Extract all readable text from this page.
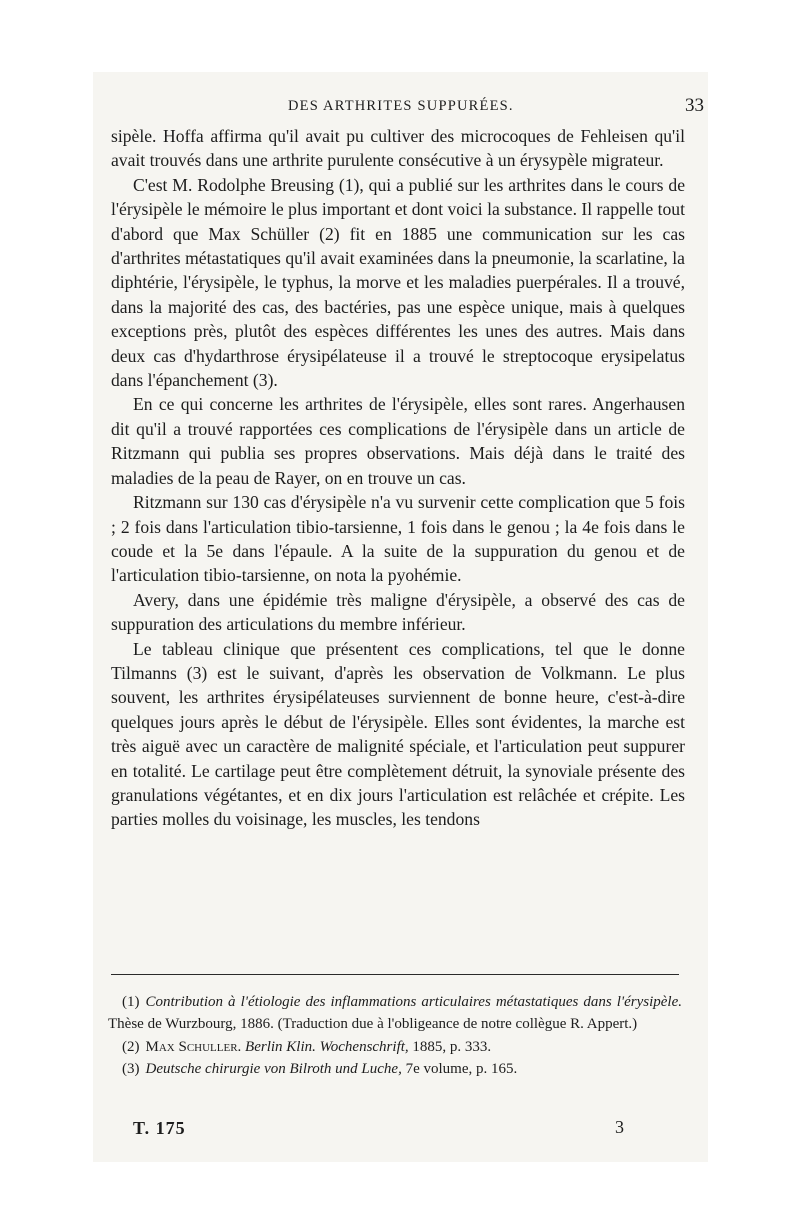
DES ARTHRITES SUPPURÉES.	33

sipèle. Hoffa affirma qu'il avait pu cultiver des microcoques de Fehleisen qu'il avait trouvés dans une arthrite purulente consécutive à un érysypèle migrateur.

C'est M. Rodolphe Breusing (1), qui a publié sur les arthrites dans le cours de l'érysipèle le mémoire le plus important et dont voici la substance. Il rappelle tout d'abord que Max Schüller (2) fit en 1885 une communication sur les cas d'arthrites métastatiques qu'il avait examinées dans la pneumonie, la scarlatine, la diphtérie, l'érysipèle, le typhus, la morve et les maladies puerpérales. Il a trouvé, dans la majorité des cas, des bactéries, pas une espèce unique, mais à quelques exceptions près, plutôt des espèces différentes les unes des autres. Mais dans deux cas d'hydarthrose érysipélateuse il a trouvé le streptocoque erysipelatus dans l'épanchement (3).

En ce qui concerne les arthrites de l'érysipèle, elles sont rares. Angerhausen dit qu'il a trouvé rapportées ces complications de l'érysipèle dans un article de Ritzmann qui publia ses propres observations. Mais déjà dans le traité des maladies de la peau de Rayer, on en trouve un cas.

Ritzmann sur 130 cas d'érysipèle n'a vu survenir cette complication que 5 fois ; 2 fois dans l'articulation tibio-tarsienne, 1 fois dans le genou ; la 4e fois dans le coude et la 5e dans l'épaule. A la suite de la suppuration du genou et de l'articulation tibio-tarsienne, on nota la pyohémie.

Avery, dans une épidémie très maligne d'érysipèle, a observé des cas de suppuration des articulations du membre inférieur.

Le tableau clinique que présentent ces complications, tel que le donne Tilmanns (3) est le suivant, d'après les observation de Volkmann. Le plus souvent, les arthrites érysipélateuses surviennent de bonne heure, c'est-à-dire quelques jours après le début de l'érysipèle. Elles sont évidentes, la marche est très aiguë avec un caractère de malignité spéciale, et l'articulation peut suppurer en totalité. Le cartilage peut être complètement détruit, la synoviale présente des granulations végétantes, et en dix jours l'articulation est relâchée et crépite. Les parties molles du voisinage, les muscles, les tendons

(1) Contribution à l'étiologie des inflammations articulaires métastatiques dans l'érysipèle. Thèse de Wurzbourg, 1886. (Traduction due à l'obligeance de notre collègue R. Appert.)

(2) Max Schuller. Berlin Klin. Wochenschrift, 1885, p. 333.

(3) Deutsche chirurgie von Bilroth und Luche, 7e volume, p. 165.

T. 175	3
